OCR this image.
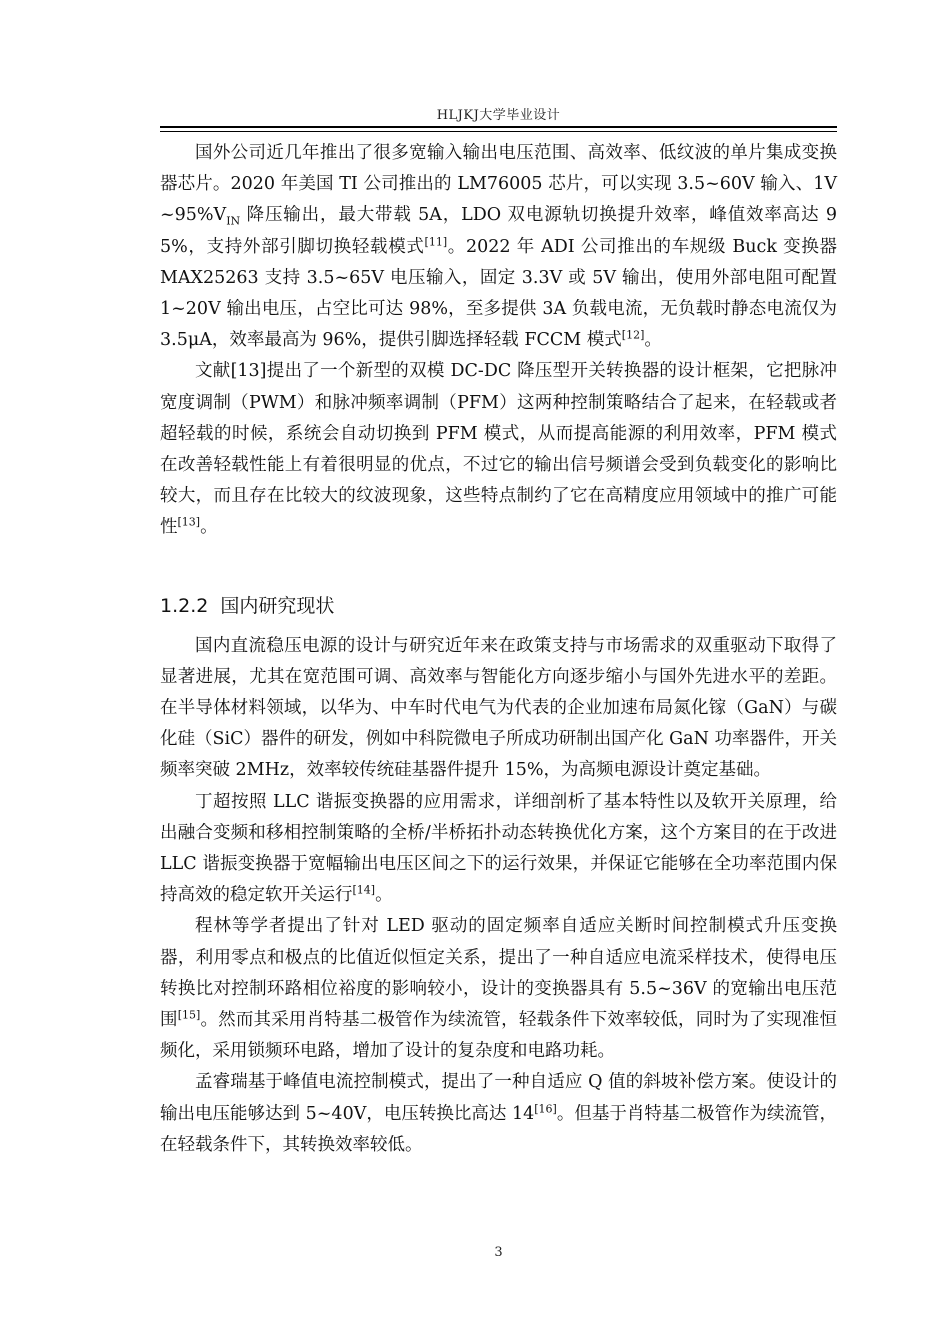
HLJKJ大学毕业设计

国外公司近几年推出了很多宽输入输出电压范围、高效率、低纹波的单片集成变换器芯片。2020 年美国 TI 公司推出的 LM76005 芯片，可以实现 3.5~60V 输入、$1V\sim 95\%V_{IN}$ 降压输出，最大带载 5A，LDO 双电源轨切换提升效率，峰值效率高达 95%，支持外部引脚切换轻载模式[11]。2022 年 ADI 公司推出的车规级 Buck 变换器 MAX25263 支持 3.5~65V 电压输入，固定 3.3V 或 5V 输出，使用外部电阻可配置 1~20V 输出电压，占空比可达 98%，至多提供 3A 负载电流，无负载时静态电流仅为 3.5μA，效率最高为 96%，提供引脚选择轻载 FCCM 模式[12]。

文献[13]提出了一个新型的双模 DC-DC 降压型开关转换器的设计框架，它把脉冲宽度调制（PWM）和脉冲频率调制（PFM）这两种控制策略结合了起来，在轻载或者超轻载的时候，系统会自动切换到 PFM 模式，从而提高能源的利用效率，PFM 模式在改善轻载性能上有着很明显的优点，不过它的输出信号频谱会受到负载变化的影响比较大，而且存在比较大的纹波现象，这些特点制约了它在高精度应用领域中的推广可能性[13]。

1.2.2 国内研究现状

国内直流稳压电源的设计与研究近年来在政策支持与市场需求的双重驱动下取得了显著进展，尤其在宽范围可调、高效率与智能化方向逐步缩小与国外先进水平的差距。在半导体材料领域，以华为、中车时代电气为代表的企业加速布局氮化镓（GaN）与碳化硅（SiC）器件的研发，例如中科院微电子所成功研制出国产化 GaN 功率器件，开关频率突破 2MHz，效率较传统硅基器件提升 15%，为高频电源设计奠定基础。

丁超按照 LLC 谐振变换器的应用需求，详细剖析了基本特性以及软开关原理，给出融合变频和移相控制策略的全桥/半桥拓扑动态转换优化方案，这个方案目的在于改进 LLC 谐振变换器于宽幅输出电压区间之下的运行效果，并保证它能够在全功率范围内保持高效的稳定软开关运行[14]。

程林等学者提出了针对 LED 驱动的固定频率自适应关断时间控制模式升压变换器，利用零点和极点的比值近似恒定关系，提出了一种自适应电流采样技术，使得电压转换比对控制环路相位裕度的影响较小，设计的变换器具有 5.5~36V 的宽输出电压范围[15]。然而其采用肖特基二极管作为续流管，轻载条件下效率较低，同时为了实现准恒频化，采用锁频环电路，增加了设计的复杂度和电路功耗。

孟睿瑞基于峰值电流控制模式，提出了一种自适应 Q 值的斜坡补偿方案。使设计的输出电压能够达到 5~40V，电压转换比高达 14[16]。但基于肖特基二极管作为续流管，在轻载条件下，其转换效率较低。

3
